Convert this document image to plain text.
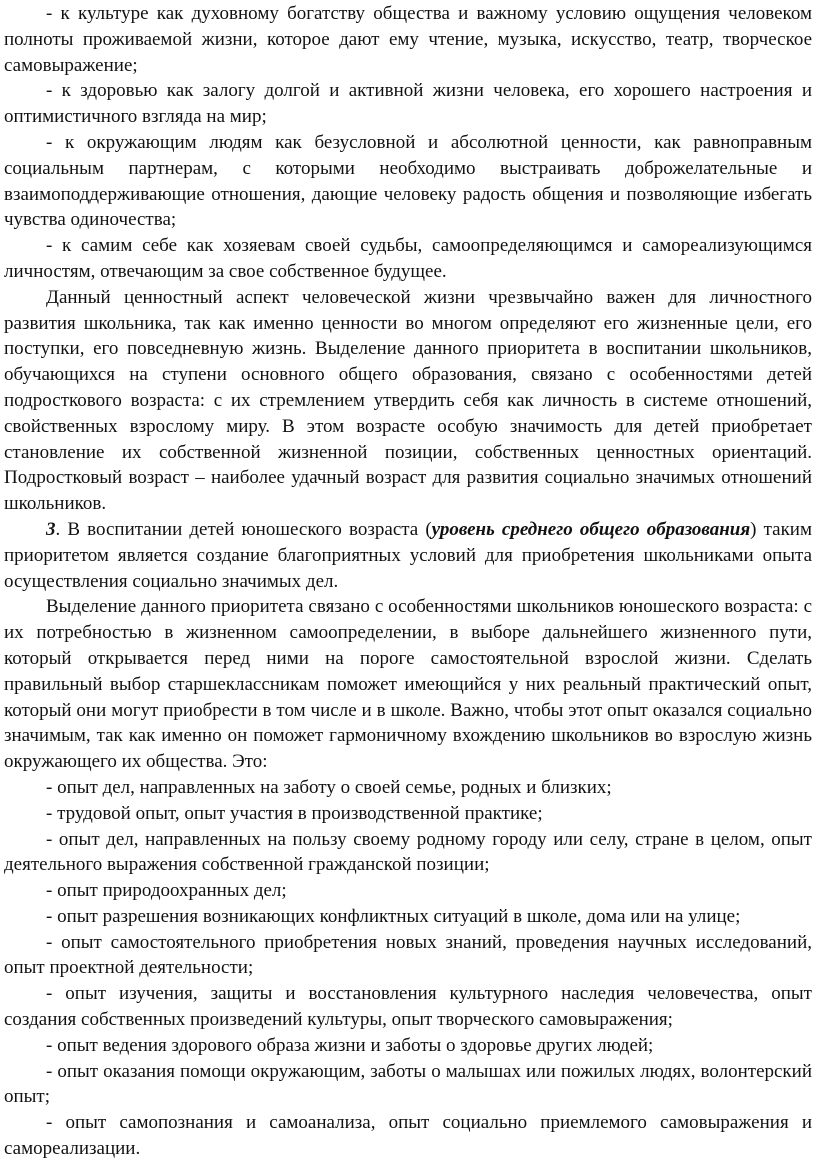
- к культуре как духовному богатству общества и важному условию ощущения человеком полноты проживаемой жизни, которое дают ему чтение, музыка, искусство, театр, творческое самовыражение;

- к здоровью как залогу долгой и активной жизни человека, его хорошего настроения и оптимистичного взгляда на мир;

- к окружающим людям как безусловной и абсолютной ценности, как равноправным социальным партнерам, с которыми необходимо выстраивать доброжелательные и взаимоподдерживающие отношения, дающие человеку радость общения и позволяющие избегать чувства одиночества;

- к самим себе как хозяевам своей судьбы, самоопределяющимся и самореализующимся личностям, отвечающим за свое собственное будущее.

Данный ценностный аспект человеческой жизни чрезвычайно важен для личностного развития школьника, так как именно ценности во многом определяют его жизненные цели, его поступки, его повседневную жизнь. Выделение данного приоритета в воспитании школьников, обучающихся на ступени основного общего образования, связано с особенностями детей подросткового возраста: с их стремлением утвердить себя как личность в системе отношений, свойственных взрослому миру. В этом возрасте особую значимость для детей приобретает становление их собственной жизненной позиции, собственных ценностных ориентаций. Подростковый возраст – наиболее удачный возраст для развития социально значимых отношений школьников.

3. В воспитании детей юношеского возраста (уровень среднего общего образования) таким приоритетом является создание благоприятных условий для приобретения школьниками опыта осуществления социально значимых дел.

Выделение данного приоритета связано с особенностями школьников юношеского возраста: с их потребностью в жизненном самоопределении, в выборе дальнейшего жизненного пути, который открывается перед ними на пороге самостоятельной взрослой жизни. Сделать правильный выбор старшеклассникам поможет имеющийся у них реальный практический опыт, который они могут приобрести в том числе и в школе. Важно, чтобы этот опыт оказался социально значимым, так как именно он поможет гармоничному вхождению школьников во взрослую жизнь окружающего их общества. Это:

- опыт дел, направленных на заботу о своей семье, родных и близких;

- трудовой опыт, опыт участия в производственной практике;

- опыт дел, направленных на пользу своему родному городу или селу, стране в целом, опыт деятельного выражения собственной гражданской позиции;

- опыт природоохранных дел;

- опыт разрешения возникающих конфликтных ситуаций в школе, дома или на улице;

- опыт самостоятельного приобретения новых знаний, проведения научных исследований, опыт проектной деятельности;

- опыт изучения, защиты и восстановления культурного наследия человечества, опыт создания собственных произведений культуры, опыт творческого самовыражения;

- опыт ведения здорового образа жизни и заботы о здоровье других людей;

- опыт оказания помощи окружающим, заботы о малышах или пожилых людях, волонтерский опыт;

- опыт самопознания и самоанализа, опыт социально приемлемого самовыражения и самореализации.
